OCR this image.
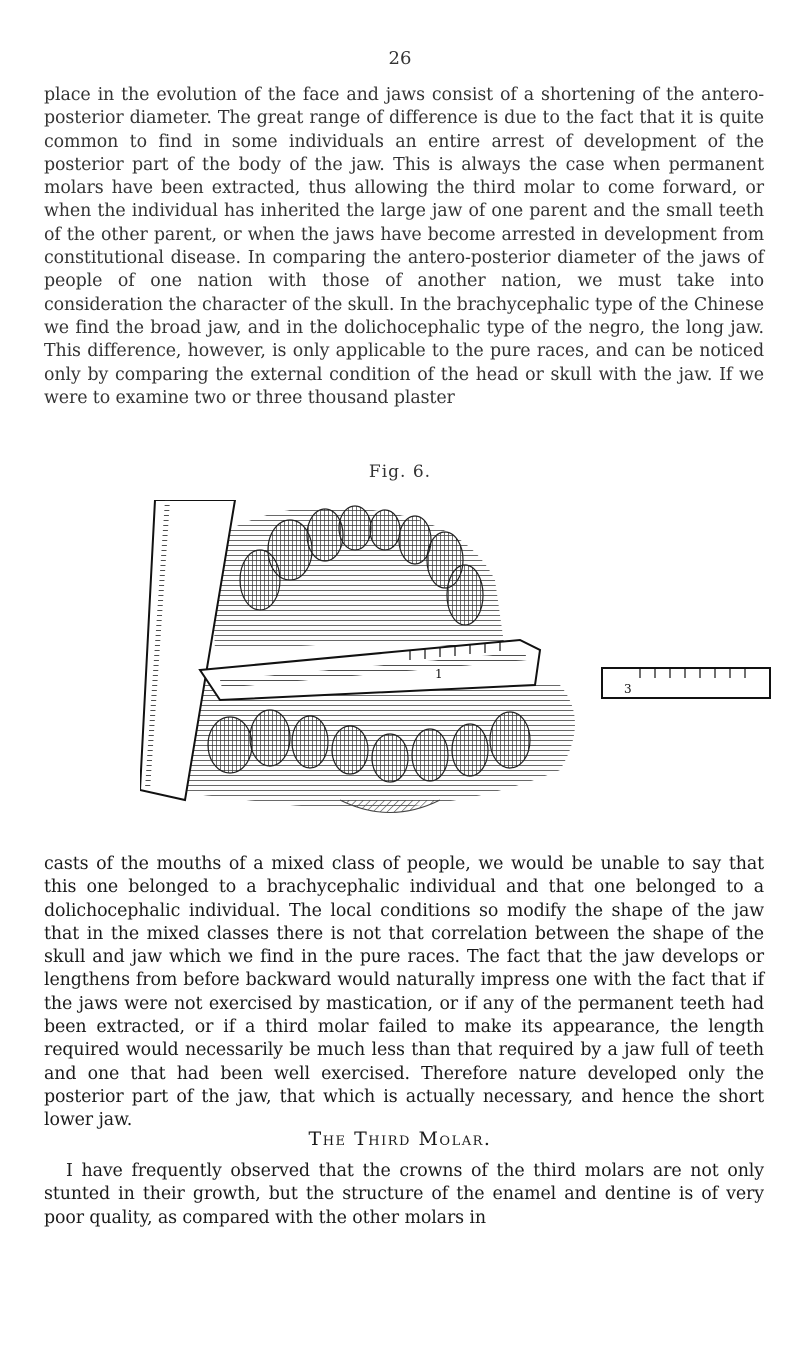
26

place in the evolution of the face and jaws consist of a shortening of the antero-posterior diameter. The great range of difference is due to the fact that it is quite common to find in some individuals an entire arrest of development of the posterior part of the body of the jaw. This is always the case when permanent molars have been extracted, thus allowing the third molar to come forward, or when the individual has inherited the large jaw of one parent and the small teeth of the other parent, or when the jaws have become arrested in development from constitutional disease. In comparing the antero-posterior diameter of the jaws of people of one nation with those of another nation, we must take into consideration the character of the skull. In the brachycephalic type of the Chinese we find the broad jaw, and in the dolichocephalic type of the negro, the long jaw. This difference, however, is only applicable to the pure races, and can be noticed only by comparing the external condition of the head or skull with the jaw. If we were to examine two or three thousand plaster

Fig. 6.
1
3

casts of the mouths of a mixed class of people, we would be unable to say that this one belonged to a brachycephalic individual and that one belonged to a dolichocephalic individual. The local conditions so modify the shape of the jaw that in the mixed classes there is not that correlation between the shape of the skull and jaw which we find in the pure races. The fact that the jaw develops or lengthens from before backward would naturally impress one with the fact that if the jaws were not exercised by mastication, or if any of the permanent teeth had been extracted, or if a third molar failed to make its appearance, the length required would necessarily be much less than that required by a jaw full of teeth and one that had been well exercised. Therefore nature developed only the posterior part of the jaw, that which is actually necessary, and hence the short lower jaw.

The Third Molar.

I have frequently observed that the crowns of the third molars are not only stunted in their growth, but the structure of the enamel and dentine is of very poor quality, as compared with the other molars in
